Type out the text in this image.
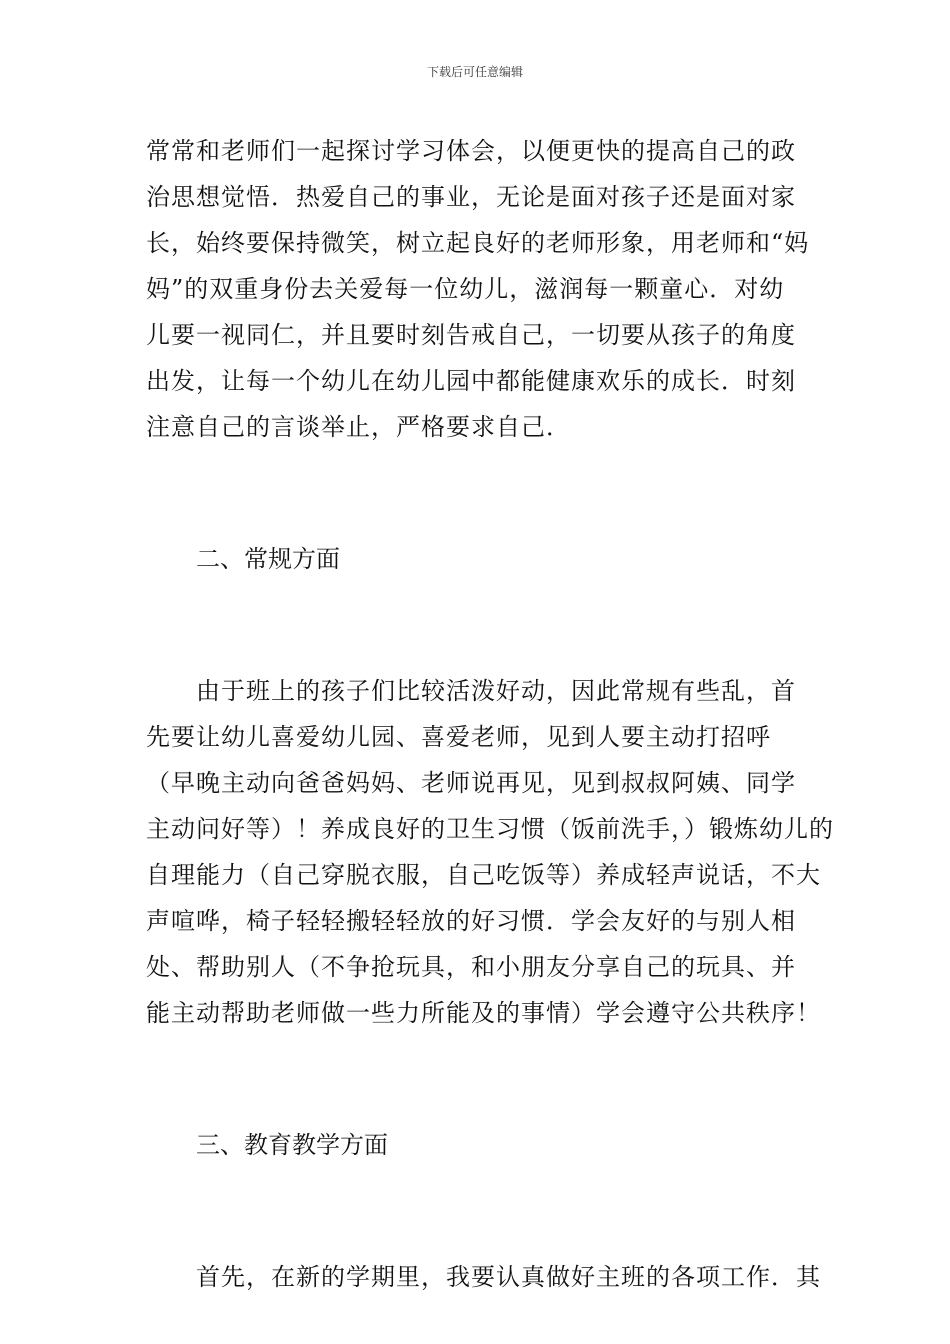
下载后可任意编辑
常常和老师们一起探讨学习体会，以便更快的提高自己的政
治思想觉悟．热爱自己的事业，无论是面对孩子还是面对家
长，始终要保持微笑，树立起良好的老师形象，用老师和“妈
妈”的双重身份去关爱每一位幼儿，滋润每一颗童心．对幼
儿要一视同仁，并且要时刻告戒自己，一切要从孩子的角度
出发，让每一个幼儿在幼儿园中都能健康欢乐的成长．时刻
注意自己的言谈举止，严格要求自己．
二、常规方面
由于班上的孩子们比较活泼好动，因此常规有些乱，首
先要让幼儿喜爱幼儿园、喜爱老师，见到人要主动打招呼
（早晚主动向爸爸妈妈、老师说再见，见到叔叔阿姨、同学
主动问好等）！养成良好的卫生习惯（饭前洗手，）锻炼幼儿的
自理能力（自己穿脱衣服，自己吃饭等）养成轻声说话，不大
声喧哗，椅子轻轻搬轻轻放的好习惯．学会友好的与别人相
处、帮助别人（不争抢玩具，和小朋友分享自己的玩具、并
能主动帮助老师做一些力所能及的事情）学会遵守公共秩序！
三、教育教学方面
首先，在新的学期里，我要认真做好主班的各项工作．其
